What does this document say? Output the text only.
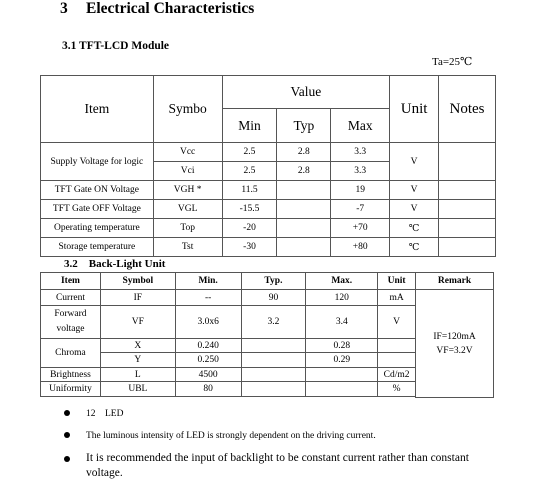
3 Electrical Characteristics
3.1 TFT-LCD Module
Ta=25℃
Item	Symbo	Value			Unit	Notes
		Min	Typ	Max		
Supply Voltage for logic	Vcc	2.5	2.8	3.3	V	
	Vci	2.5	2.8	3.3		
TFT Gate ON Voltage	VGH *	11.5		19	V	
TFT Gate OFF Voltage	VGL	-15.5		-7	V	
Operating temperature	Top	-20		+70	℃	
Storage temperature	Tst	-30		+80	℃	
3.2    Back-Light Unit
Item	Symbol	Min.	Typ.	Max.	Unit	Remark
Current	IF	--	90	120	mA	IF=120mA
VF=3.2V

Forward
voltage	VF	3.0x6	3.2	3.4	V	
Chroma	X	0.240		0.28		
	Y	0.250		0.29		
Brightness	L	4500			Cd/m2	
Uniformity	UBL	80			%	

12    LED
The luminous intensity of LED is strongly dependent on the driving current.
It is recommended the input of backlight to be constant current rather than constant voltage.
